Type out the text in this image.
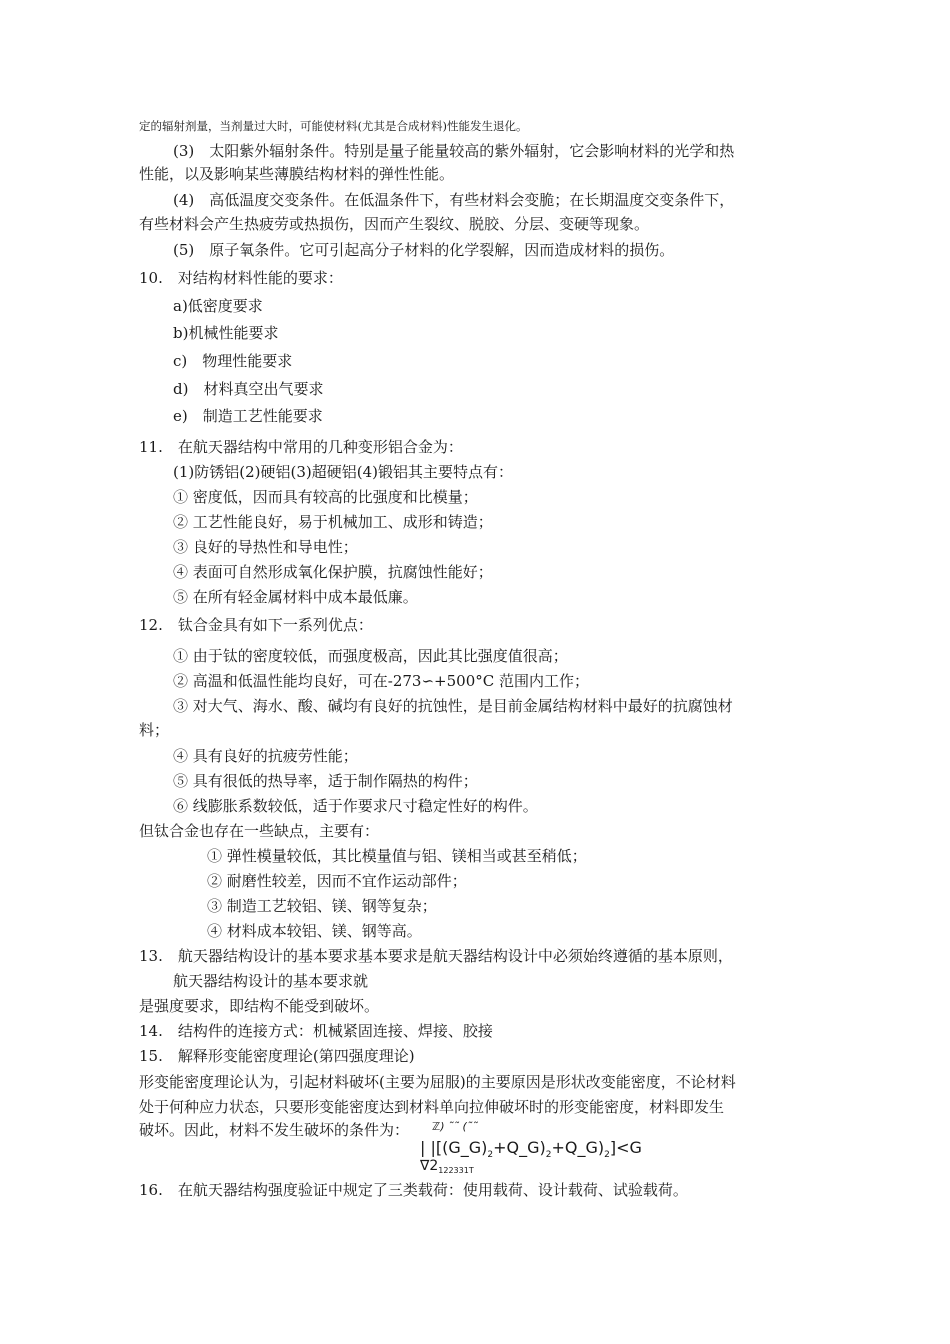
定的辐射剂量，当剂量过大时，可能使材料(尤其是合成材料)性能发生退化。
(3)　太阳紫外辐射条件。特别是量子能量较高的紫外辐射，它会影响材料的光学和热
性能，以及影响某些薄膜结构材料的弹性性能。
(4)　高低温度交变条件。在低温条件下，有些材料会变脆；在长期温度交变条件下，
有些材料会产生热疲劳或热损伤，因而产生裂纹、脱胶、分层、变硬等现象。
(5)　原子氧条件。它可引起高分子材料的化学裂解，因而造成材料的损伤。
10.　对结构材料性能的要求：
a)低密度要求
b)机械性能要求
c)　物理性能要求
d)　材料真空出气要求
e)　制造工艺性能要求
11.　在航天器结构中常用的几种变形铝合金为：
(1)防锈铝(2)硬铝(3)超硬铝(4)锻铝其主要特点有：
① 密度低，因而具有较高的比强度和比模量；
② 工艺性能良好，易于机械加工、成形和铸造；
③ 良好的导热性和导电性；
④ 表面可自然形成氧化保护膜，抗腐蚀性能好；
⑤ 在所有轻金属材料中成本最低廉。
12.　钛合金具有如下一系列优点：
① 由于钛的密度较低，而强度极高，因此其比强度值很高；
② 高温和低温性能均良好，可在-273∽+500°C 范围内工作；
③ 对大气、海水、酸、碱均有良好的抗蚀性，是目前金属结构材料中最好的抗腐蚀材
料；
④ 具有良好的抗疲劳性能；
⑤ 具有很低的热导率，适于制作隔热的构件；
⑥ 线膨胀系数较低，适于作要求尺寸稳定性好的构件。
但钛合金也存在一些缺点，主要有：
① 弹性模量较低，其比模量值与铝、镁相当或甚至稍低；
② 耐磨性较差，因而不宜作运动部件；
③ 制造工艺较铝、镁、钢等复杂；
④ 材料成本较铝、镁、钢等高。
13.　航天器结构设计的基本要求基本要求是航天器结构设计中必须始终遵循的基本原则，
航天器结构设计的基本要求就
是强度要求，即结构不能受到破坏。
14.　结构件的连接方式：机械紧固连接、焊接、胶接
15.　解释形变能密度理论(第四强度理论)
形变能密度理论认为，引起材料破坏(主要为屈服)的主要原因是形状改变能密度，不论材料
处于何种应力状态，只要形变能密度达到材料单向拉伸破坏时的形变能密度，材料即发生
破坏。因此，材料不发生破坏的条件为： ℤ) ˜˜ (˜˜
| $|[(G\_G)_2+Q\_G)_2+Q\_G)_2]<G$
$\nabla 2_{122331T}$
16.　在航天器结构强度验证中规定了三类载荷：使用载荷、设计载荷、试验载荷。
